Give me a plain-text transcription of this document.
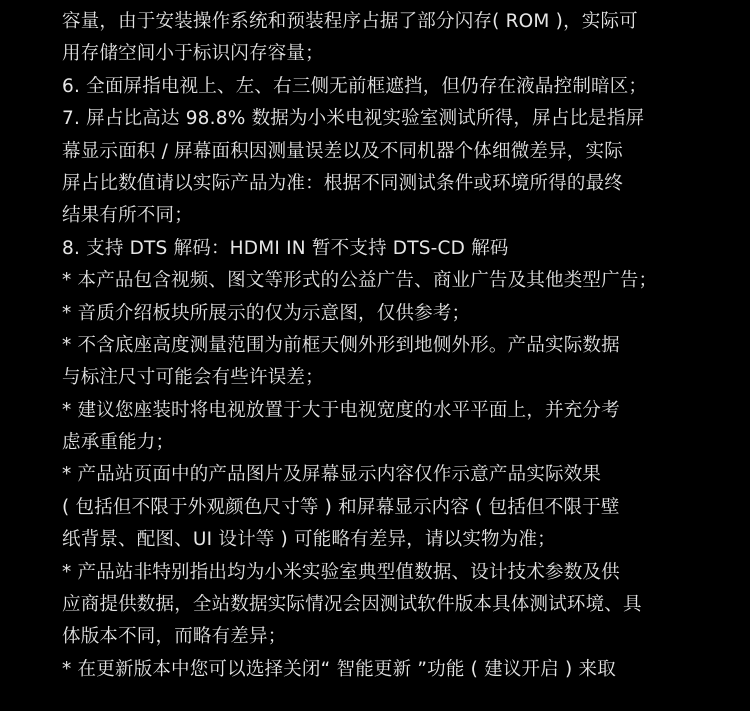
容量，由于安装操作系统和预装程序占据了部分闪存( ROM )，实际可
用存储空间小于标识闪存容量；
6. 全面屏指电视上、左、右三侧无前框遮挡，但仍存在液晶控制暗区；
7. 屏占比高达 98.8% 数据为小米电视实验室测试所得，屏占比是指屏
幕显示面积 / 屏幕面积因测量误差以及不同机器个体细微差异，实际
屏占比数值请以实际产品为准：根据不同测试条件或环境所得的最终
结果有所不同；
8. 支持 DTS 解码：HDMI IN 暂不支持 DTS-CD 解码
* 本产品包含视频、图文等形式的公益广告、商业广告及其他类型广告；
* 音质介绍板块所展示的仅为示意图，仅供参考；
* 不含底座高度测量范围为前框天侧外形到地侧外形。产品实际数据
与标注尺寸可能会有些许误差；
* 建议您座装时将电视放置于大于电视宽度的水平平面上，并充分考
虑承重能力；
* 产品站页面中的产品图片及屏幕显示内容仅作示意产品实际效果
( 包括但不限于外观颜色尺寸等 ) 和屏幕显示内容 ( 包括但不限于壁
纸背景、配图、UI 设计等 ) 可能略有差异，请以实物为准；
* 产品站非特别指出均为小米实验室典型值数据、设计技术参数及供
应商提供数据，全站数据实际情况会因测试软件版本具体测试环境、具
体版本不同，而略有差异；
* 在更新版本中您可以选择关闭“ 智能更新 ”功能 ( 建议开启 ) 来取
